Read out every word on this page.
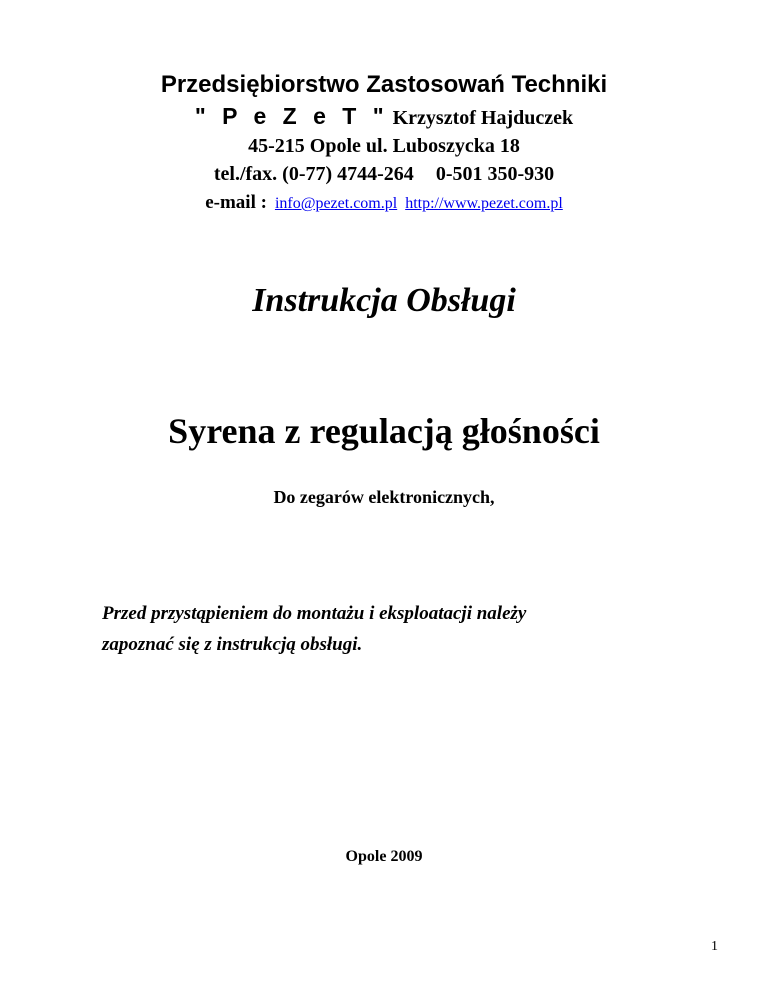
Przedsiębiorstwo Zastosowań Techniki
" P e Z e T " Krzysztof Hajduczek
45-215 Opole ul. Luboszycka 18
tel./fax. (0-77) 4744-264 0-501 350-930
e-mail : info@pezet.com.pl http://www.pezet.com.pl
Instrukcja Obsługi
Syrena z regulacją głośności
Do zegarów elektronicznych,
Przed przystąpieniem do montażu i eksploatacji należy
zapoznać się z instrukcją obsługi.
Opole 2009
1
